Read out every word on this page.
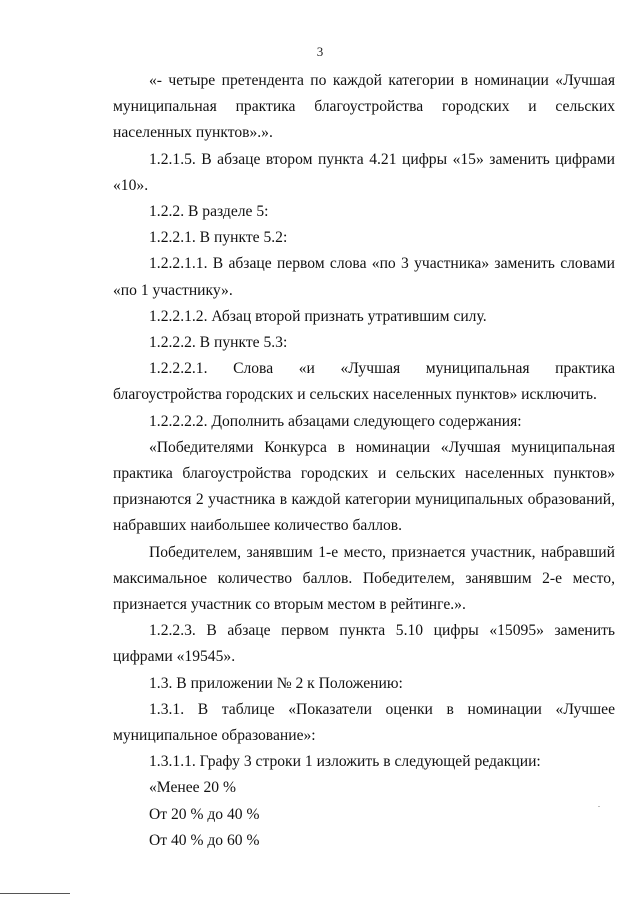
3

«- четыре претендента по каждой категории в номинации «Лучшая муниципальная практика благоустройства городских и сельских населенных пунктов».».

1.2.1.5. В абзаце втором пункта 4.21 цифры «15» заменить цифрами «10».

1.2.2. В разделе 5:

1.2.2.1. В пункте 5.2:

1.2.2.1.1. В абзаце первом слова «по 3 участника» заменить словами «по 1 участнику».

1.2.2.1.2. Абзац второй признать утратившим силу.

1.2.2.2. В пункте 5.3:

1.2.2.2.1. Слова «и «Лучшая муниципальная практика благоустройства городских и сельских населенных пунктов» исключить.

1.2.2.2.2. Дополнить абзацами следующего содержания:

«Победителями Конкурса в номинации «Лучшая муниципальная практика благоустройства городских и сельских населенных пунктов» признаются 2 участника в каждой категории муниципальных образований, набравших наибольшее количество баллов.

Победителем, занявшим 1-е место, признается участник, набравший максимальное количество баллов. Победителем, занявшим 2-е место, признается участник со вторым местом в рейтинге.».

1.2.2.3. В абзаце первом пункта 5.10 цифры «15095» заменить цифрами «19545».

1.3. В приложении № 2 к Положению:

1.3.1. В таблице «Показатели оценки в номинации «Лучшее муниципальное образование»:

1.3.1.1. Графу 3 строки 1 изложить в следующей редакции:

«Менее 20 %

От 20 % до 40 %

От 40 % до 60 %
